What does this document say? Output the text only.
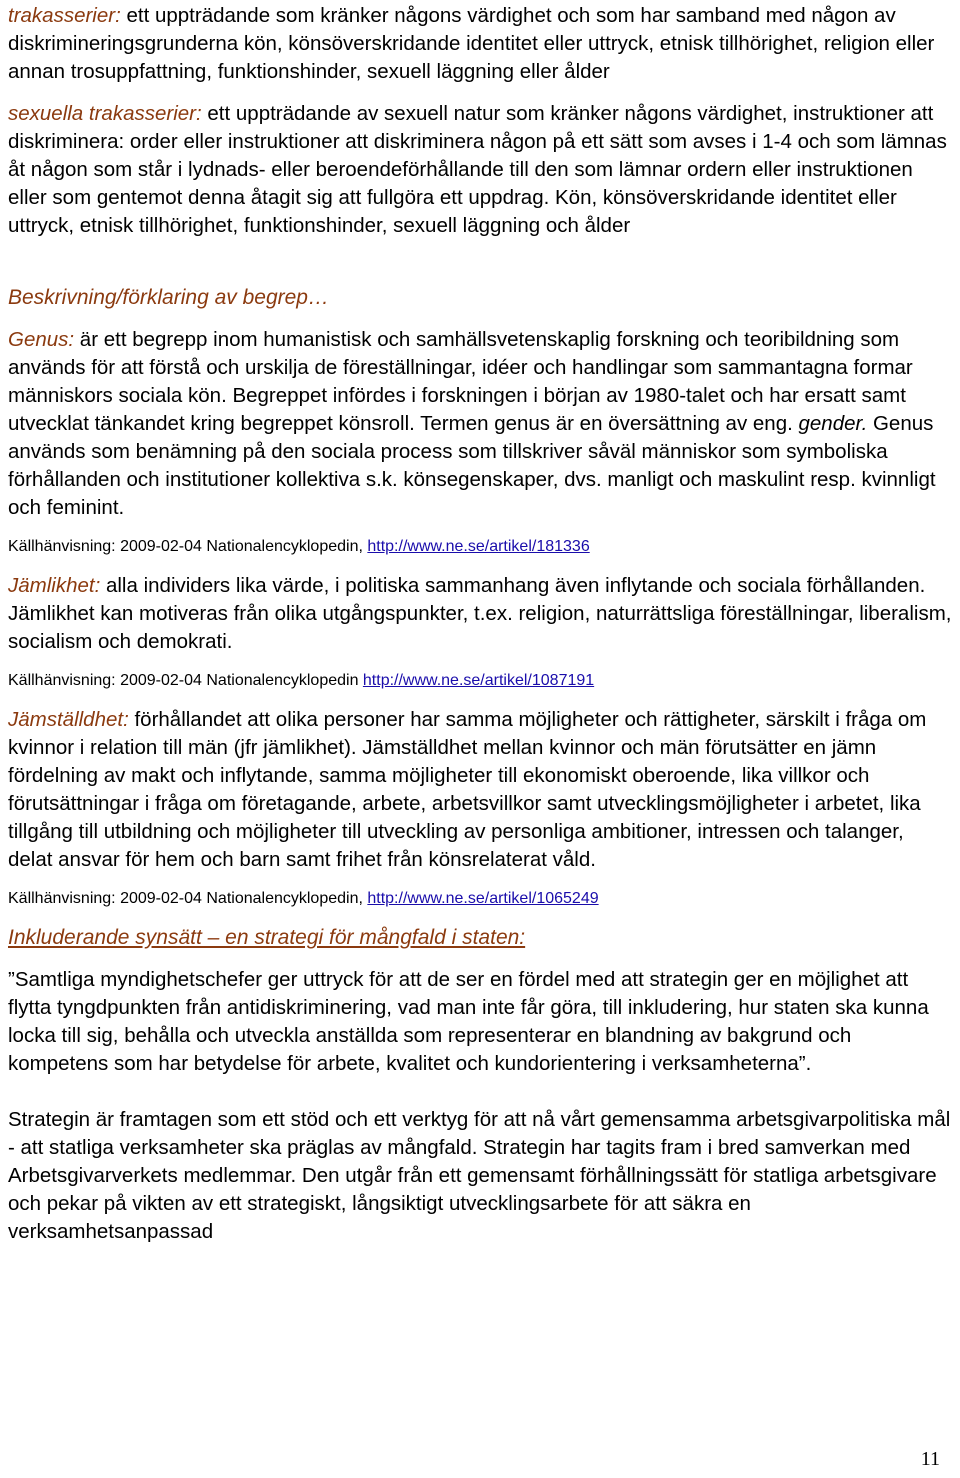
trakasserier: ett uppträdande som kränker någons värdighet och som har samband med någon av diskrimineringsgrunderna kön, könsöverskridande identitet eller uttryck, etnisk tillhörighet, religion eller annan trosuppfattning, funktionshinder, sexuell läggning eller ålder

sexuella trakasserier: ett uppträdande av sexuell natur som kränker någons värdighet, instruktioner att diskriminera: order eller instruktioner att diskriminera någon på ett sätt som avses i 1-4 och som lämnas åt någon som står i lydnads- eller beroendeförhållande till den som lämnar ordern eller instruktionen eller som gentemot denna åtagit sig att fullgöra ett uppdrag. Kön, könsöverskridande identitet eller uttryck, etnisk tillhörighet, funktionshinder, sexuell läggning och ålder

Beskrivning/förklaring av begrep…

Genus: är ett begrepp inom humanistisk och samhällsvetenskaplig forskning och teoribildning som används för att förstå och urskilja de föreställningar, idéer och handlingar som sammantagna formar människors sociala kön. Begreppet infördes i forskningen i början av 1980-talet och har ersatt samt utvecklat tänkandet kring begreppet könsroll. Termen genus är en översättning av eng. gender. Genus används som benämning på den sociala process som tillskriver såväl människor som symboliska förhållanden och institutioner kollektiva s.k. könsegenskaper, dvs. manligt och maskulint resp. kvinnligt och feminint.

Källhänvisning: 2009-02-04 Nationalencyklopedin, http://www.ne.se/artikel/181336

Jämlikhet: alla individers lika värde, i politiska sammanhang även inflytande och sociala förhållanden. Jämlikhet kan motiveras från olika utgångspunkter, t.ex. religion, naturrättsliga föreställningar, liberalism, socialism och demokrati.

Källhänvisning: 2009-02-04 Nationalencyklopedin http://www.ne.se/artikel/1087191

Jämställdhet: förhållandet att olika personer har samma möjligheter och rättigheter, särskilt i fråga om kvinnor i relation till män (jfr jämlikhet). Jämställdhet mellan kvinnor och män förutsätter en jämn fördelning av makt och inflytande, samma möjligheter till ekonomiskt oberoende, lika villkor och förutsättningar i fråga om företagande, arbete, arbetsvillkor samt utvecklingsmöjligheter i arbetet, lika tillgång till utbildning och möjligheter till utveckling av personliga ambitioner, intressen och talanger, delat ansvar för hem och barn samt frihet från könsrelaterat våld.

Källhänvisning: 2009-02-04 Nationalencyklopedin, http://www.ne.se/artikel/1065249

Inkluderande synsätt – en strategi för mångfald i staten:

”Samtliga myndighetschefer ger uttryck för att de ser en fördel med att strategin ger en möjlighet att flytta tyngdpunkten från antidiskriminering, vad man inte får göra, till inkludering, hur staten ska kunna locka till sig, behålla och utveckla anställda som representerar en blandning av bakgrund och kompetens som har betydelse för arbete, kvalitet och kundorientering i verksamheterna”.

Strategin är framtagen som ett stöd och ett verktyg för att nå vårt gemensamma arbetsgivarpolitiska mål - att statliga verksamheter ska präglas av mångfald. Strategin har tagits fram i bred samverkan med Arbetsgivarverkets medlemmar. Den utgår från ett gemensamt förhållningssätt för statliga arbetsgivare och pekar på vikten av ett strategiskt, långsiktigt utvecklingsarbete för att säkra en verksamhetsanpassad

11
